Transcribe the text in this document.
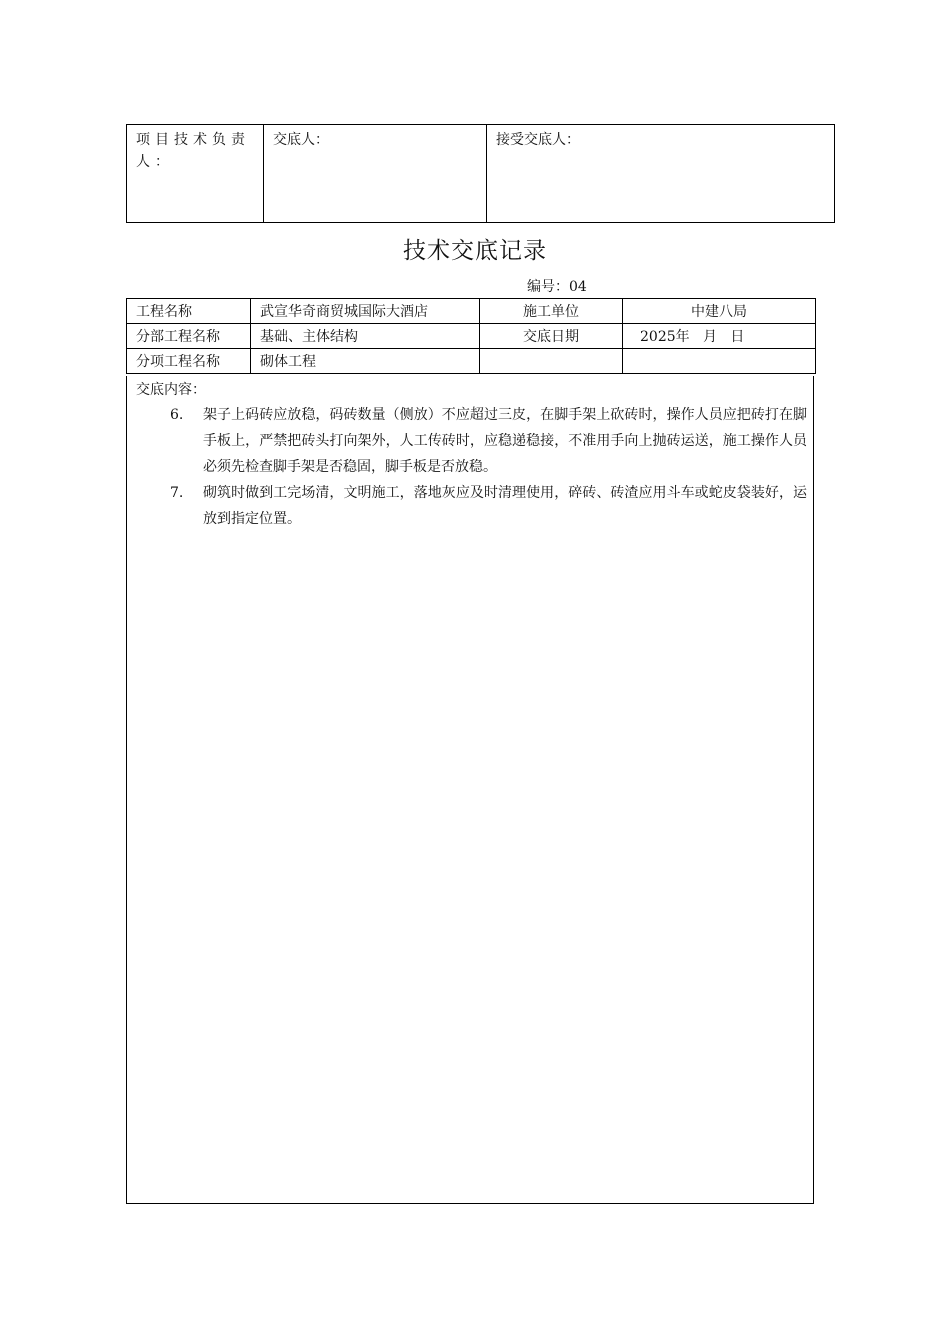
项目技术负责人：	交底人：	接受交底人：
技术交底记录
编号：04
工程名称	武宣华奇商贸城国际大酒店	施工单位	中建八局
分部工程名称	基础、主体结构	交底日期	2025年   月   日
分项工程名称	砌体工程		
交底内容：
6. 架子上码砖应放稳，码砖数量（侧放）不应超过三皮，在脚手架上砍砖时，操作人员应把砖打在脚手板上，严禁把砖头打向架外，人工传砖时，应稳递稳接，不准用手向上抛砖运送，施工操作人员必须先检查脚手架是否稳固，脚手板是否放稳。
7. 砌筑时做到工完场清，文明施工，落地灰应及时清理使用，碎砖、砖渣应用斗车或蛇皮袋装好，运放到指定位置。
